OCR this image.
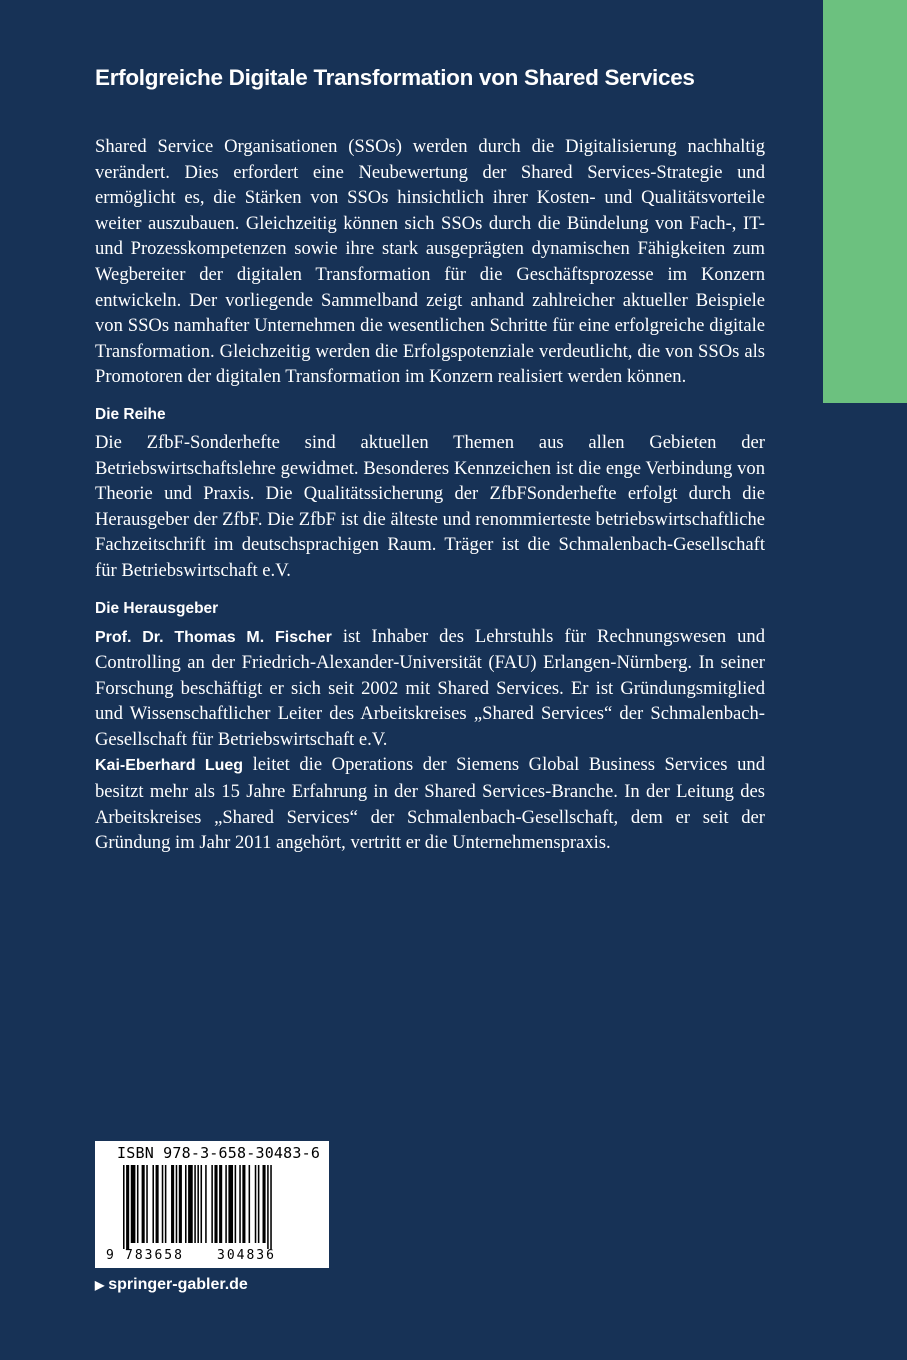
Erfolgreiche Digitale Transformation von Shared Services

Shared Service Organisationen (SSOs) werden durch die Digitalisierung nachhaltig verändert. Dies erfordert eine Neubewertung der Shared Services-Strategie und ermöglicht es, die Stärken von SSOs hinsichtlich ihrer Kosten- und Qualitätsvorteile weiter auszubauen. Gleichzeitig können sich SSOs durch die Bündelung von Fach-, IT- und Prozesskompetenzen sowie ihre stark ausgeprägten dynamischen Fähigkeiten zum Wegbereiter der digitalen Transformation für die Geschäftsprozesse im Konzern entwickeln. Der vorliegende Sammelband zeigt anhand zahlreicher aktueller Beispiele von SSOs namhafter Unternehmen die wesentlichen Schritte für eine erfolgreiche digitale Transformation. Gleichzeitig werden die Erfolgspotenziale verdeutlicht, die von SSOs als Promotoren der digitalen Transformation im Konzern realisiert werden können.

Die Reihe

Die ZfbF-Sonderhefte sind aktuellen Themen aus allen Gebieten der Betriebswirtschaftslehre gewidmet. Besonderes Kennzeichen ist die enge Verbindung von Theorie und Praxis. Die Qualitätssicherung der ZfbFSonderhefte erfolgt durch die Herausgeber der ZfbF. Die ZfbF ist die älteste und renommierteste betriebswirtschaftliche Fachzeitschrift im deutschsprachigen Raum. Träger ist die Schmalenbach-Gesellschaft für Betriebswirtschaft e.V.

Die Herausgeber

Prof. Dr. Thomas M. Fischer ist Inhaber des Lehrstuhls für Rechnungswesen und Controlling an der Friedrich-Alexander-Universität (FAU) Erlangen-Nürnberg. In seiner Forschung beschäftigt er sich seit 2002 mit Shared Services. Er ist Gründungsmitglied und Wissenschaftlicher Leiter des Arbeitskreises „Shared Services“ der Schmalenbach-Gesellschaft für Betriebswirtschaft e.V.

Kai-Eberhard Lueg leitet die Operations der Siemens Global Business Services und besitzt mehr als 15 Jahre Erfahrung in der Shared Services-Branche. In der Leitung des Arbeitskreises „Shared Services“ der Schmalenbach-Gesellschaft, dem er seit der Gründung im Jahr 2011 angehört, vertritt er die Unternehmenspraxis.

ISBN 978-3-658-30483-6
9 783658	304836
▶ springer-gabler.de
